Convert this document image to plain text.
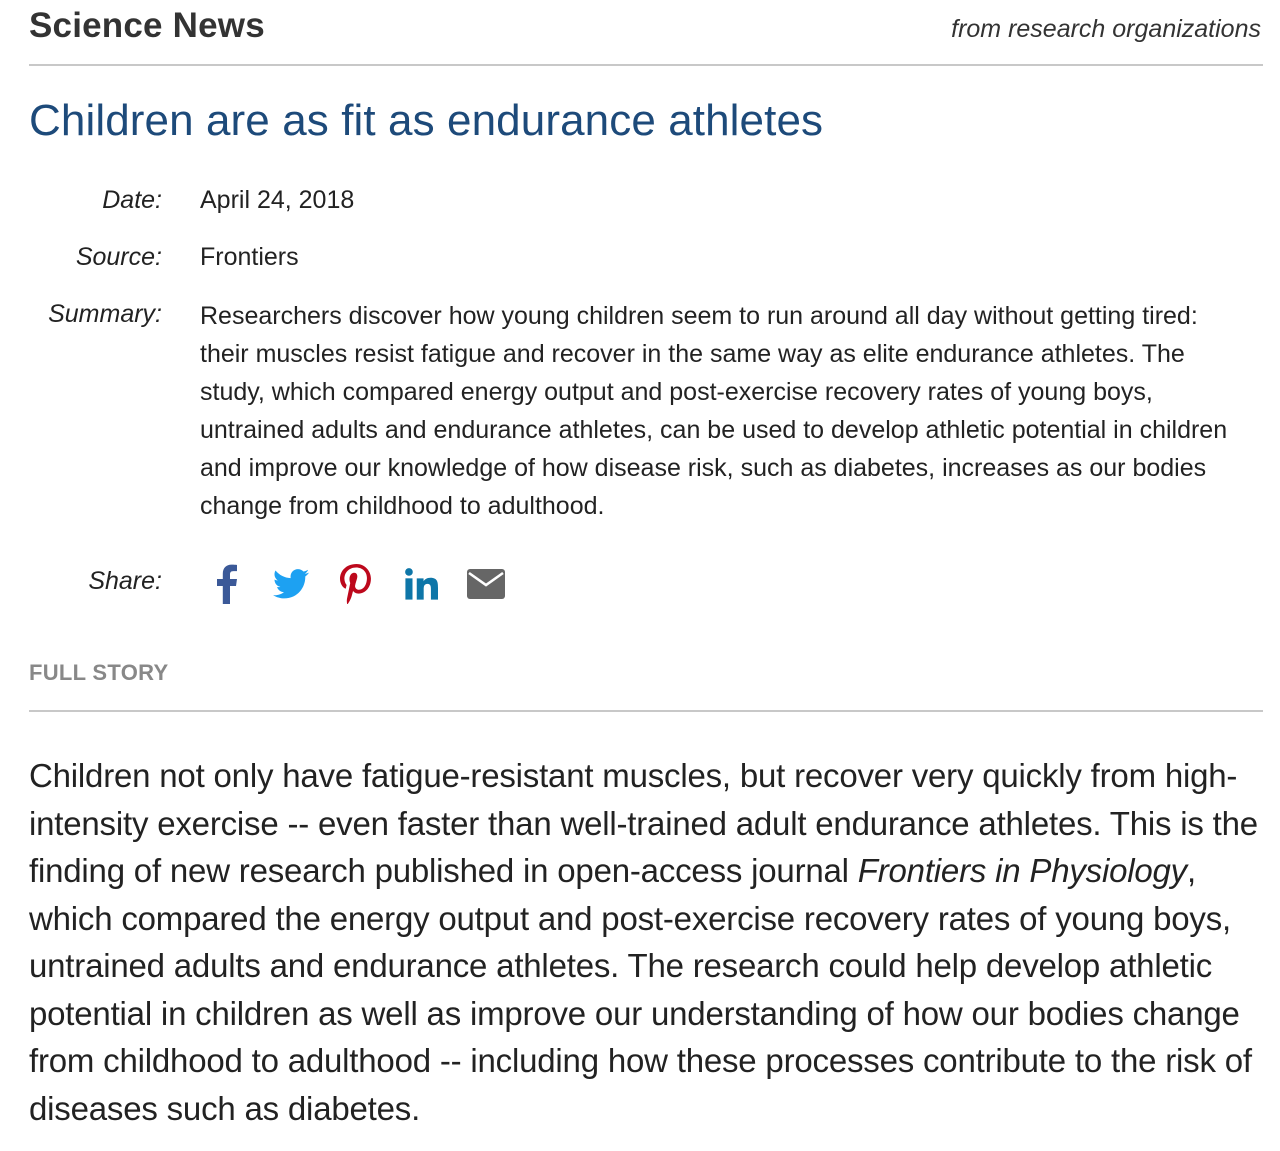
Science News	from research organizations
Children are as fit as endurance athletes
Date: April 24, 2018
Source: Frontiers
Summary: Researchers discover how young children seem to run around all day without getting tired: their muscles resist fatigue and recover in the same way as elite endurance athletes. The study, which compared energy output and post-exercise recovery rates of young boys, untrained adults and endurance athletes, can be used to develop athletic potential in children and improve our knowledge of how disease risk, such as diabetes, increases as our bodies change from childhood to adulthood.
Share:
FULL STORY
Children not only have fatigue-resistant muscles, but recover very quickly from high-intensity exercise -- even faster than well-trained adult endurance athletes. This is the finding of new research published in open-access journal Frontiers in Physiology, which compared the energy output and post-exercise recovery rates of young boys, untrained adults and endurance athletes. The research could help develop athletic potential in children as well as improve our understanding of how our bodies change from childhood to adulthood -- including how these processes contribute to the risk of diseases such as diabetes.
